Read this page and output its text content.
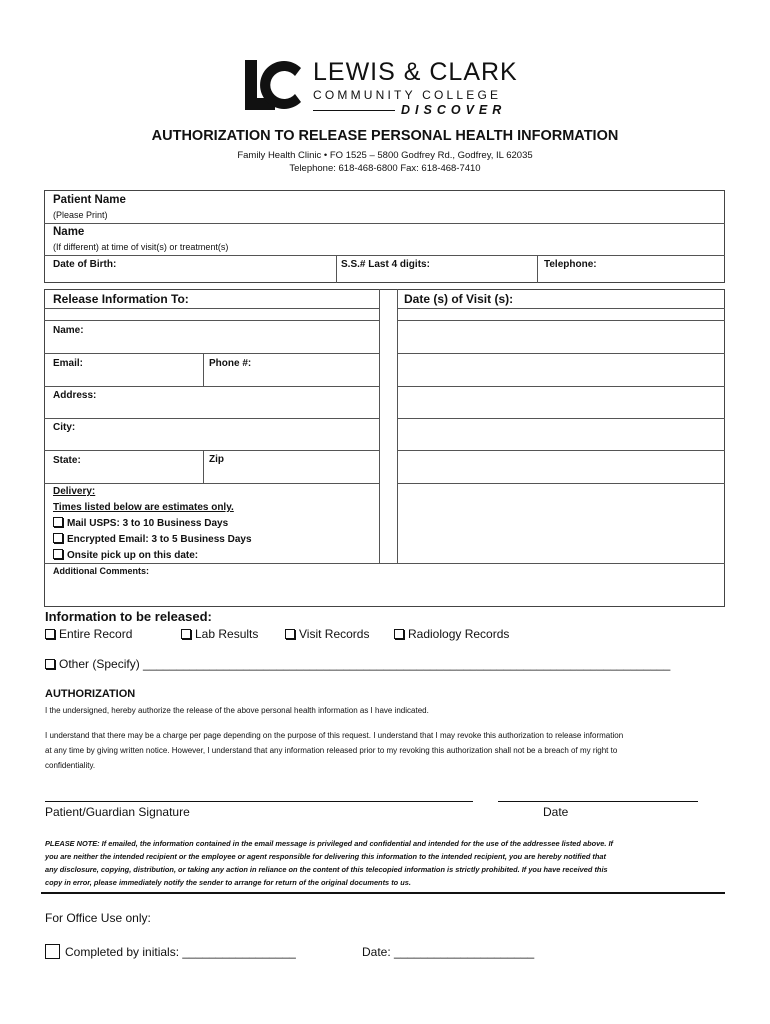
LEWIS & CLARK
COMMUNITY COLLEGE
DISCOVER
AUTHORIZATION TO RELEASE PERSONAL HEALTH INFORMATION
Family Health Clinic • FO 1525 – 5800 Godfrey Rd., Godfrey, IL 62035
Telephone: 618-468-6800 Fax: 618-468-7410
Patient Name
(Please Print)
Name
(If different) at time of visit(s) or treatment(s)
Date of Birth:	S.S.# Last 4 digits:	Telephone:
Release Information To:	Date (s) of Visit (s):
Name:
Email:	Phone #:
Address:
City:
State:	Zip
Delivery:
Times listed below are estimates only.
Mail USPS: 3 to 10 Business Days
Encrypted Email: 3 to 5 Business Days
Onsite pick up on this date:
Additional Comments:
Information to be released:
Entire Record	Lab Results	Visit Records	Radiology Records
Other (Specify) _______________________________________________________________________________
AUTHORIZATION
I the undersigned, hereby authorize the release of the above personal health information as I have indicated.
I understand that there may be a charge per page depending on the purpose of this request. I understand that I may revoke this authorization to release information
at any time by giving written notice. However, I understand that any information released prior to my revoking this authorization shall not be a breach of my right to
confidentiality.
Patient/Guardian Signature	Date
PLEASE NOTE: If emailed, the information contained in the email message is privileged and confidential and intended for the use of the addressee listed above. If
you are neither the intended recipient or the employee or agent responsible for delivering this information to the intended recipient, you are hereby notified that
any disclosure, copying, distribution, or taking any action in reliance on the content of this telecopied information is strictly prohibited. If you have received this
copy in error, please immediately notify the sender to arrange for return of the original documents to us.
For Office Use only:
Completed by initials: _________________	Date: _____________________
